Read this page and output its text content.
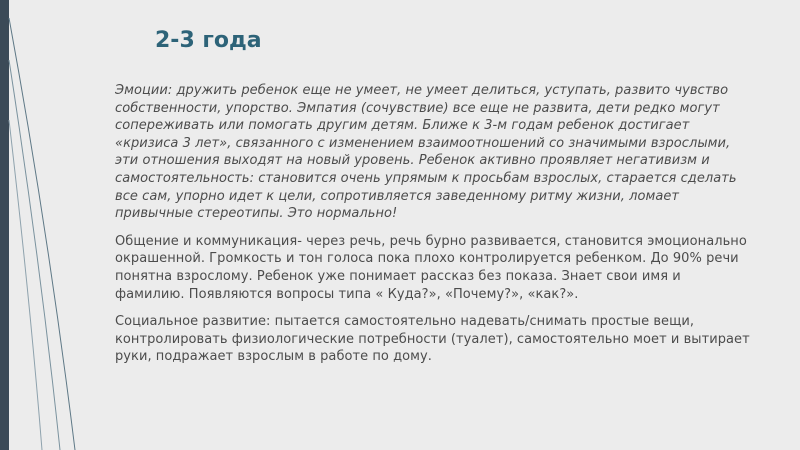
2-3 года
Эмоции: дружить ребенок еще не умеет, не умеет делиться, уступать, развито чувство собственности, упорство. Эмпатия (сочувствие) все еще не развита, дети редко могут сопереживать или помогать другим детям. Ближе к 3-м годам ребенок достигает «кризиса 3 лет», связанного с изменением взаимоотношений со значимыми взрослыми, эти отношения выходят на новый уровень. Ребенок активно проявляет негативизм и самостоятельность: становится очень упрямым к просьбам взрослых, старается сделать все сам, упорно идет к цели, сопротивляется заведенному ритму жизни, ломает привычные стереотипы. Это нормально!
Общение и коммуникация- через речь, речь бурно развивается, становится эмоционально окрашенной. Громкость и тон голоса пока плохо контролируется ребенком. До 90% речи понятна взрослому. Ребенок уже понимает рассказ без показа. Знает свои имя и фамилию. Появляются вопросы типа « Куда?», «Почему?», «как?».
Социальное развитие: пытается самостоятельно надевать/снимать простые вещи, контролировать физиологические потребности (туалет), самостоятельно моет и вытирает руки, подражает взрослым в работе по дому.
